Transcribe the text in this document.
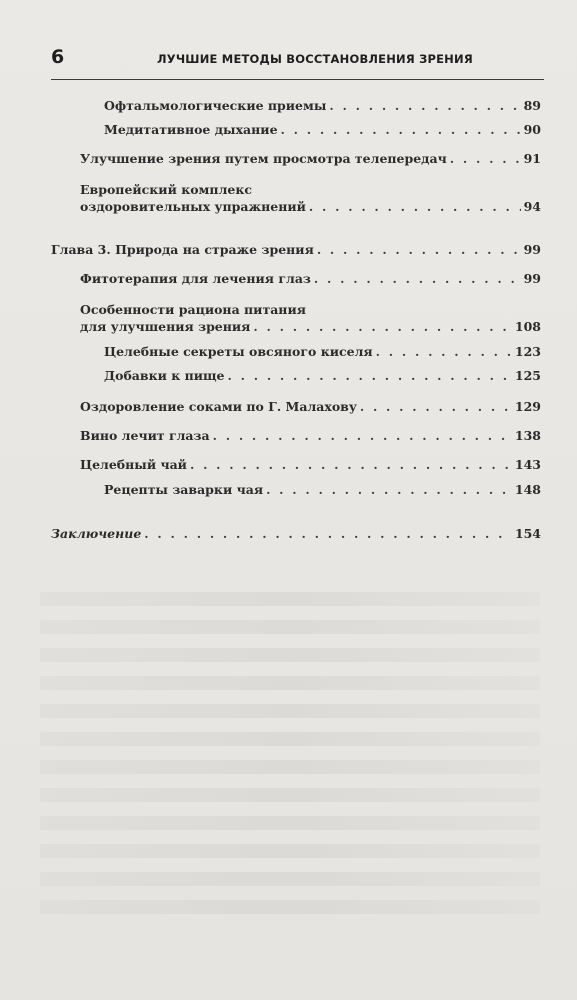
6	ЛУЧШИЕ МЕТОДЫ ВОССТАНОВЛЕНИЯ ЗРЕНИЯ
Офтальмологические приемы . . .	89
Медитативное дыхание . . .	90
Улучшение зрения путем просмотра телепередач . . .	91
Европейский комплекс
оздоровительных упражнений . . .	94
Глава 3. Природа на страже зрения . . .	99
Фитотерапия для лечения глаз . . .	99
Особенности рациона питания
для улучшения зрения . . .	108
Целебные секреты овсяного киселя . . .	123
Добавки к пище . . .	125
Оздоровление соками по Г. Малахову . . .	129
Вино лечит глаза . . .	138
Целебный чай . . .	143
Рецепты заварки чая . . .	148
Заключение . . .	154
